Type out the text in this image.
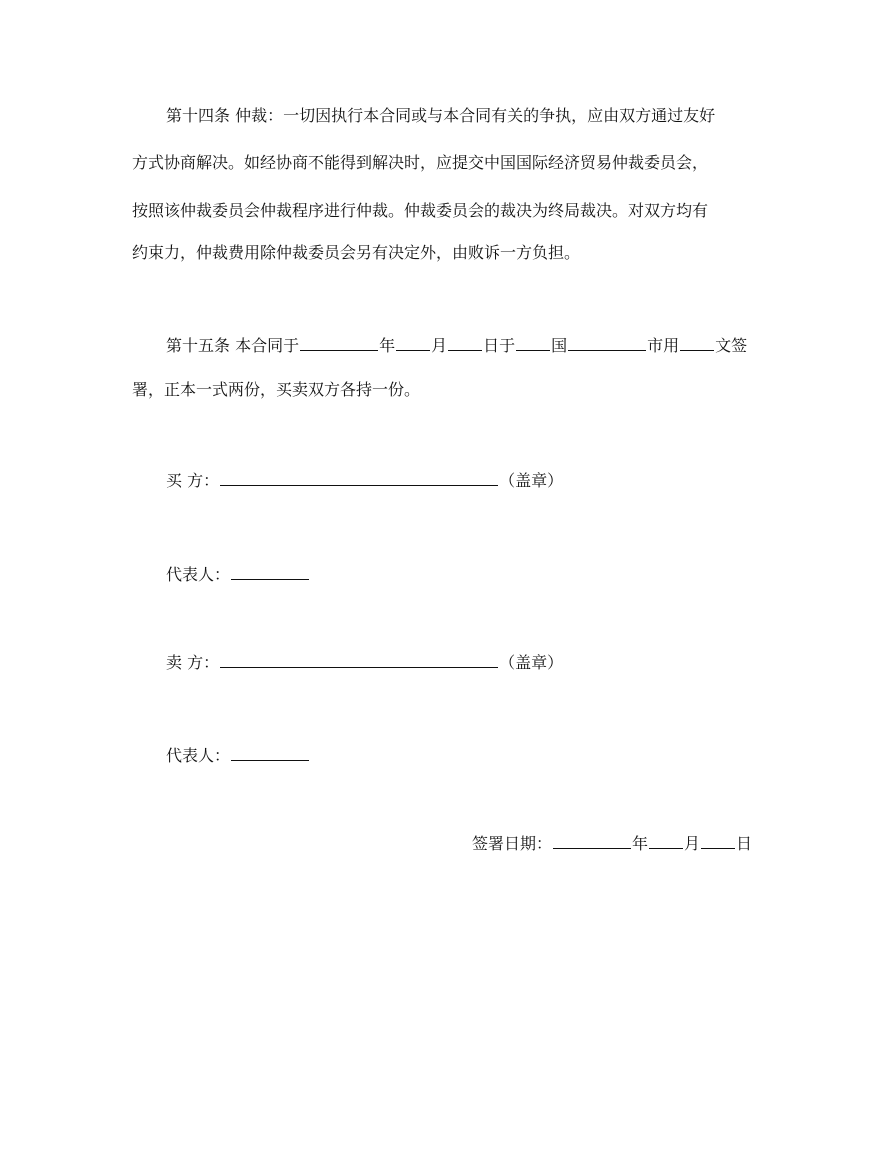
第十四条 仲裁：一切因执行本合同或与本合同有关的争执，应由双方通过友好
方式协商解决。如经协商不能得到解决时，应提交中国国际经济贸易仲裁委员会，
按照该仲裁委员会仲裁程序进行仲裁。仲裁委员会的裁决为终局裁决。对双方均有
约束力，仲裁费用除仲裁委员会另有决定外，由败诉一方负担。
第十五条 本合同于	年 月 日于 国	市用 文签
署，正本一式两份，买卖双方各持一份。
买 方：	（盖章）
代表人：
卖 方：	（盖章）
代表人：
签署日期：	年 月 日
